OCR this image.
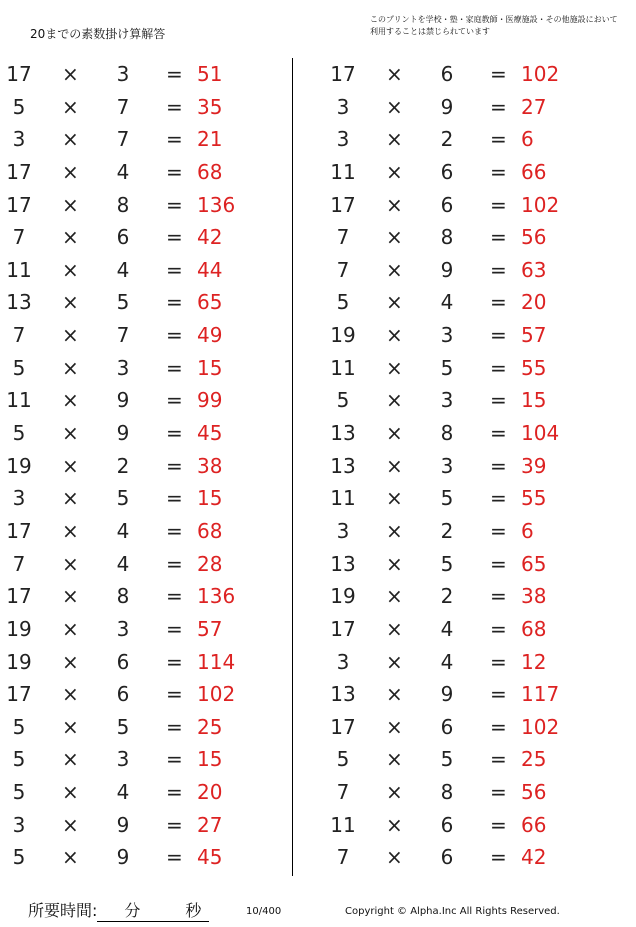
20までの素数掛け算解答
このプリントを学校・塾・家庭教師・医療施設・その他施設において利用することは禁じられています
17 ×	3	= 51
5	×	7	= 35
3	×	7	= 21
17 ×	4	= 68
17 ×	8	= 136
7	×	6	= 42
11 ×	4	= 44
13 ×	5	= 65
7	×	7	= 49
5	×	3	= 15
11 ×	9	= 99
5	×	9	= 45
19 ×	2	= 38
3	×	5	= 15
17 ×	4	= 68
7	×	4	= 28
17 ×	8	= 136
19 ×	3	= 57
19 ×	6	= 114
17 ×	6	= 102
5	×	5	= 25
5	×	3	= 15
5	×	4	= 20
3	×	9	= 27
5	×	9	= 45
17 ×	6	= 102
3	×	9	= 27
3	×	2	= 6
11 ×	6	= 66
17 ×	6	= 102
7	×	8	= 56
7	×	9	= 63
5	×	4	= 20
19 ×	3	= 57
11 ×	5	= 55
5	×	3	= 15
13 ×	8	= 104
13 ×	3	= 39
11 ×	5	= 55
3	×	2	= 6
13 ×	5	= 65
19 ×	2	= 38
17 ×	4	= 68
3	×	4	= 12
13 ×	9	= 117
17 ×	6	= 102
5	×	5	= 25
7	×	8	= 56
11 ×	6	= 66
7	×	6	= 42
所要時間: 分	秒	10/400	Copyright © Alpha.Inc All Rights Reserved.
